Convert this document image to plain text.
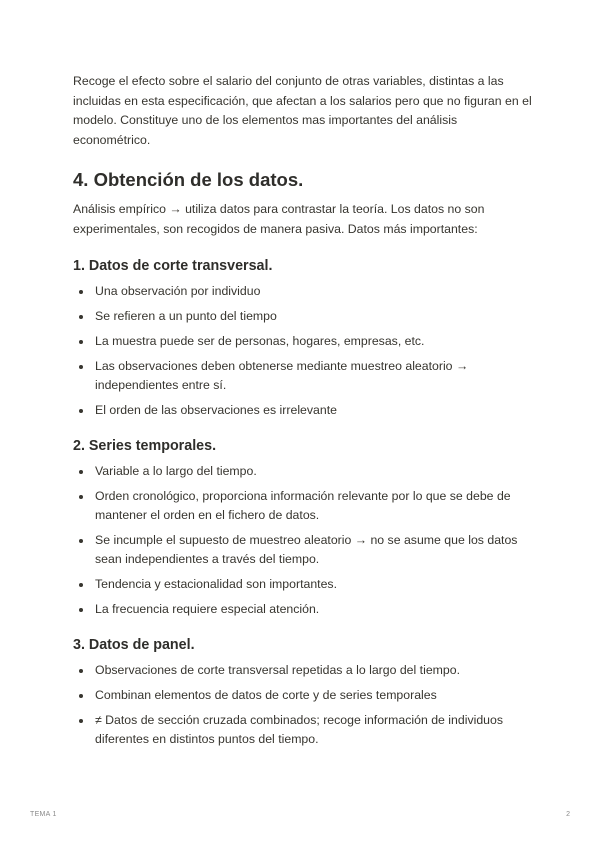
Recoge el efecto sobre el salario del conjunto de otras variables, distintas a las incluidas en esta especificación, que afectan a los salarios pero que no figuran en el modelo. Constituye uno de los elementos mas importantes del análisis econométrico.

4. Obtención de los datos.

Análisis empírico → utiliza datos para contrastar la teoría. Los datos no son experimentales, son recogidos de manera pasiva. Datos más importantes:

1. Datos de corte transversal.
Una observación por individuo
Se refieren a un punto del tiempo
La muestra puede ser de personas, hogares, empresas, etc.
Las observaciones deben obtenerse mediante muestreo aleatorio → independientes entre sí.
El orden de las observaciones es irrelevante
2. Series temporales.
Variable a lo largo del tiempo.
Orden cronológico, proporciona información relevante por lo que se debe de mantener el orden en el fichero de datos.
Se incumple el supuesto de muestreo aleatorio → no se asume que los datos sean independientes a través del tiempo.
Tendencia y estacionalidad son importantes.
La frecuencia requiere especial atención.
3. Datos de panel.
Observaciones de corte transversal repetidas a lo largo del tiempo.
Combinan elementos de datos de corte y de series temporales
≠ Datos de sección cruzada combinados; recoge información de individuos diferentes en distintos puntos del tiempo.
TEMA 1	2
